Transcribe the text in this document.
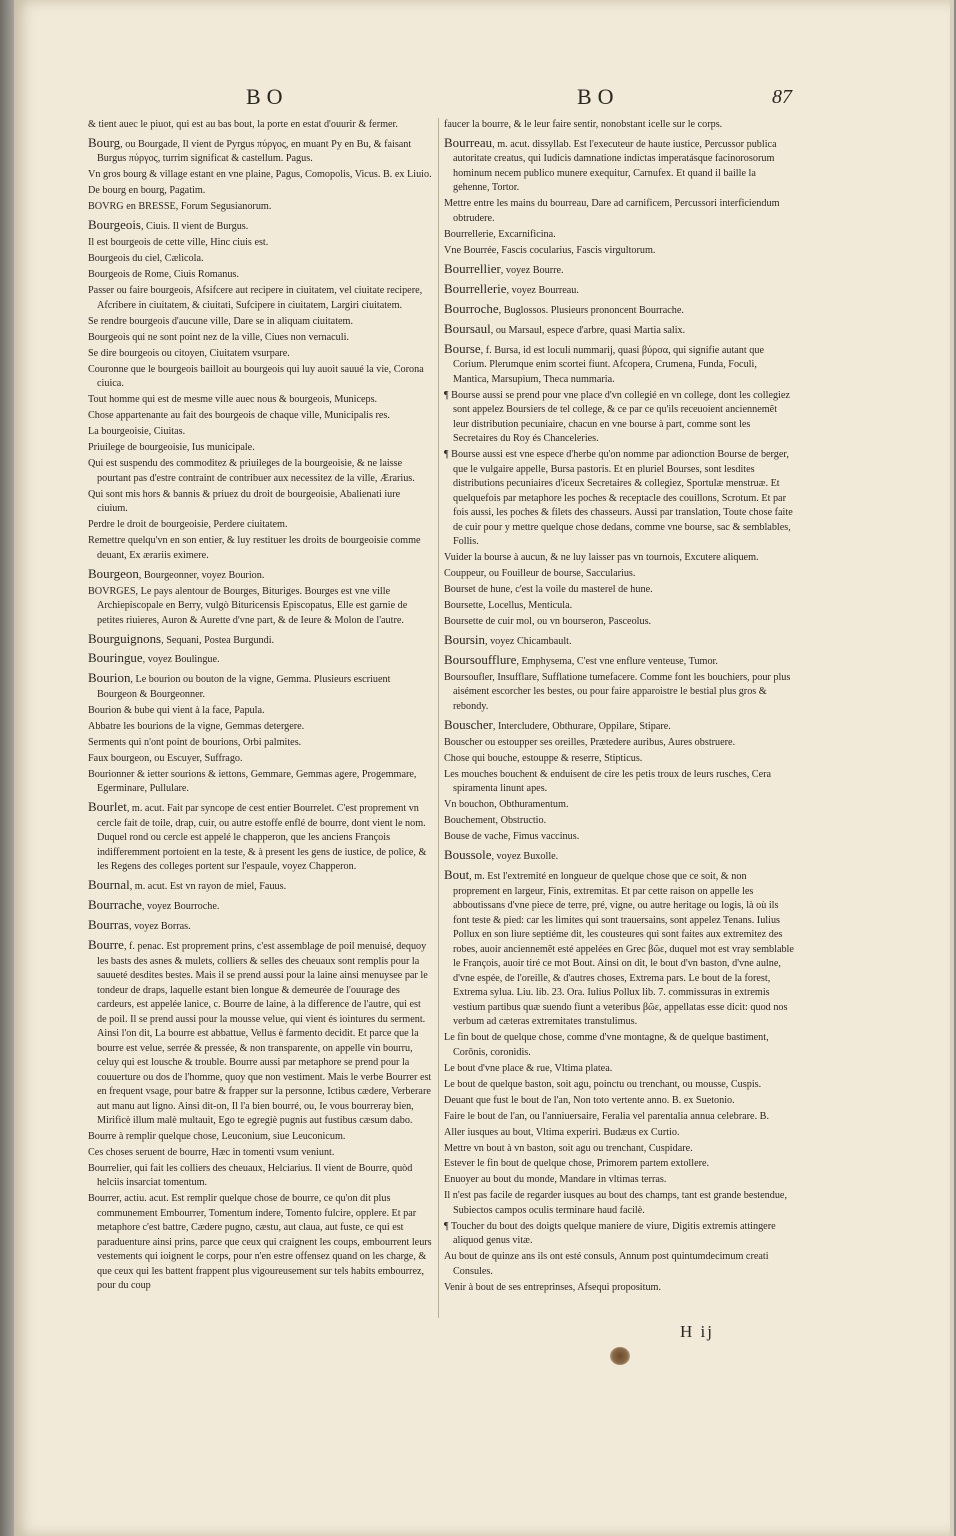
BO	BO	87
& tient auec le piuot, qui est au bas bout, la porte en estat d'ouurir & fermer.
Bourg, ou Bourgade, Il vient de Pyrgus πύργος, en muant Py en Bu, & faisant Burgus πύργος, turrim significat & castellum. Pagus.
Vn gros bourg & village estant en vne plaine, Pagus, Comopolis, Vicus. B. ex Liuio.
De bourg en bourg, Pagatim.
BOVRG en BRESSE, Forum Segusianorum.
Bourgeois, Ciuis. Il vient de Burgus.
Il est bourgeois de cette ville, Hinc ciuis est.
Bourgeois du ciel, Cælicola.
Bourgeois de Rome, Ciuis Romanus.
Passer ou faire bourgeois, Afsifcere aut recipere in ciuitatem, vel ciuitate recipere, Afcribere in ciuitatem, & ciuitati, Sufcipere in ciuitatem, Largiri ciuitatem.
Se rendre bourgeois d'aucune ville, Dare se in aliquam ciuitatem.
Bourgeois qui ne sont point nez de la ville, Ciues non vernaculi.
Se dire bourgeois ou citoyen, Ciuitatem vsurpare.
Couronne que le bourgeois bailloit au bourgeois qui luy auoit sauué la vie, Corona ciuica.
Tout homme qui est de mesme ville auec nous & bourgeois, Municeps.
Chose appartenante au fait des bourgeois de chaque ville, Municipalis res.
La bourgeoisie, Ciuitas.
Priuilege de bourgeoisie, Ius municipale.
Qui est suspendu des commoditez & priuileges de la bourgeoisie, & ne laisse pourtant pas d'estre contraint de contribuer aux necessitez de la ville, Ærarius.
Qui sont mis hors & bannis & priuez du droit de bourgeoisie, Abalienati iure ciuium.
Perdre le droit de bourgeoisie, Perdere ciuitatem.
Remettre quelqu'vn en son entier, & luy restituer les droits de bourgeoisie comme deuant, Ex ærariis eximere.
Bourgeon, Bourgeonner, voyez Bourion.
BOVRGES, Le pays alentour de Bourges, Bituriges. Bourges est vne ville Archiepiscopale en Berry, vulgò Bituricensis Episcopatus, Elle est garnie de petites riuieres, Auron & Aurette d'vne part, & de Ieure & Molon de l'autre.
Bourguignons, Sequani, Postea Burgundi.
Bouringue, voyez Boulingue.
Bourion, Le bourion ou bouton de la vigne, Gemma. Plusieurs escriuent Bourgeon & Bourgeonner.
Bourion & bube qui vient à la face, Papula.
Abbatre les bourions de la vigne, Gemmas detergere.
Serments qui n'ont point de bourions, Orbi palmites.
Faux bourgeon, ou Escuyer, Suffrago.
Bourionner & ietter sourions & iettons, Gemmare, Gemmas agere, Progemmare, Egerminare, Pullulare.
Bourlet, m. acut. Fait par syncope de cest entier Bourrelet. C'est proprement vn cercle fait de toile, drap, cuir, ou autre estoffe enflé de bourre, dont vient le nom. Duquel rond ou cercle est appelé le chapperon, que les anciens François indifferemment portoient en la teste, & à present les gens de iustice, de police, & les Regens des colleges portent sur l'espaule, voyez Chapperon.
Bournal, m. acut. Est vn rayon de miel, Fauus.
Bourrache, voyez Bourroche.
Bourras, voyez Borras.
Bourre, f. penac. Est proprement prins, c'est assemblage de poil menuisé, dequoy les basts des asnes & mulets, colliers & selles des cheuaux sont remplis pour la sauueté desdites bestes. Mais il se prend aussi pour la laine ainsi menuysee par le tondeur de draps, laquelle estant bien longue & demeurée de l'ouurage des cardeurs, est appelée lanice, c. Bourre de laine, à la difference de l'autre, qui est de poil. Il se prend aussi pour la mousse velue, qui vient és iointures du serment. Ainsi l'on dit, La bourre est abbattue, Vellus è farmento decidit. Et parce que la bourre est velue, serrée & pressée, & non transparente, on appelle vin bourru, celuy qui est lousche & trouble. Bourre aussi par metaphore se prend pour la couuerture ou dos de l'homme, quoy que non vestiment. Mais le verbe Bourrer est en frequent vsage, pour batre & frapper sur la personne, Ictibus cædere, Verberare aut manu aut ligno. Ainsi dit-on, Il l'a bien bourré, ou, Ie vous bourreray bien, Mirificè illum malè multauit, Ego te egregiè pugnis aut fustibus cæsum dabo.
Bourre à remplir quelque chose, Leuconium, siue Leuconicum.
Ces choses seruent de bourre, Hæc in tomenti vsum veniunt.
Bourrelier, qui fait les colliers des cheuaux, Helciarius. Il vient de Bourre, quòd helciis insarciat tomentum.
Bourrer, actiu. acut. Est remplir quelque chose de bourre, ce qu'on dit plus communement Embourrer, Tomentum indere, Tomento fulcire, opplere. Et par metaphore c'est battre, Cædere pugno, cæstu, aut claua, aut fuste, ce qui est paraduenture ainsi prins, parce que ceux qui craignent les coups, embourrent leurs vestements qui ioignent le corps, pour n'en estre offensez quand on les charge, & que ceux qui les battent frappent plus vigoureusement sur tels habits embourrez, pour du coup
faucer la bourre, & le leur faire sentir, nonobstant icelle sur le corps.
Bourreau, m. acut. dissyllab. Est l'executeur de haute iustice, Percussor publica autoritate creatus, qui Iudicis damnatione indictas imperatásque facinorosorum hominum necem publico munere exequitur, Carnufex. Et quand il baille la gehenne, Tortor.
Mettre entre les mains du bourreau, Dare ad carnificem, Percussori interficiendum obtrudere.
Bourrellerie, Excarnificina.
Vne Bourrée, Fascis cocularius, Fascis virgultorum.
Bourrellier, voyez Bourre.
Bourrellerie, voyez Bourreau.
Bourroche, Buglossos. Plusieurs prononcent Bourrache.
Boursaul, ou Marsaul, espece d'arbre, quasi Martia salix.
Bourse, f. Bursa, id est loculi nummarij, quasi βύρσα, qui signifie autant que Corium. Plerumque enim scortei fiunt. Afcopera, Crumena, Funda, Foculi, Mantica, Marsupium, Theca nummaria.
¶ Bourse aussi se prend pour vne place d'vn collegié en vn college, dont les collegiez sont appelez Boursiers de tel college, & ce par ce qu'ils receuoient anciennemẽt leur distribution pecuniaire, chacun en vne bourse à part, comme sont les Secretaires du Roy és Chanceleries.
¶ Bourse aussi est vne espece d'herbe qu'on nomme par adionction Bourse de berger, que le vulgaire appelle, Bursa pastoris. Et en pluriel Bourses, sont lesdites distributions pecuniaires d'iceux Secretaires & collegiez, Sportulæ menstruæ. Et quelquefois par metaphore les poches & receptacle des couillons, Scrotum. Et par fois aussi, les poches & filets des chasseurs. Aussi par translation, Toute chose faite de cuir pour y mettre quelque chose dedans, comme vne bourse, sac & semblables, Follis.
Vuider la bourse à aucun, & ne luy laisser pas vn tournois, Excutere aliquem.
Couppeur, ou Fouilleur de bourse, Saccularius.
Bourset de hune, c'est la voile du masterel de hune.
Boursette, Locellus, Menticula.
Boursette de cuir mol, ou vn bourseron, Pasceolus.
Boursin, voyez Chicambault.
Boursoufflure, Emphysema, C'est vne enflure venteuse, Tumor.
Boursoufler, Insufflare, Sufflatione tumefacere. Comme font les bouchiers, pour plus aisément escorcher les bestes, ou pour faire apparoistre le bestial plus gros & rebondy.
Bouscher, Intercludere, Obthurare, Oppilare, Stipare.
Bouscher ou estoupper ses oreilles, Prætedere auribus, Aures obstruere.
Chose qui bouche, estouppe & reserre, Stipticus.
Les mouches bouchent & enduisent de cire les petis troux de leurs rusches, Cera spiramenta linunt apes.
Vn bouchon, Obthuramentum.
Bouchement, Obstructio.
Bouse de vache, Fimus vaccinus.
Boussole, voyez Buxolle.
Bout, m. Est l'extremité en longueur de quelque chose que ce soit, & non proprement en largeur, Finis, extremitas. Et par cette raison on appelle les abboutissans d'vne piece de terre, pré, vigne, ou autre heritage ou logis, là où ils font teste & pied: car les limites qui sont trauersains, sont appelez Tenans. Iulius Pollux en son liure septiéme dit, les cousteures qui sont faites aux extremitez des robes, auoir anciennemẽt esté appelées en Grec βῶε, duquel mot est vray semblable le François, auoir tiré ce mot Bout. Ainsi on dit, le bout d'vn baston, d'vne aulne, d'vne espée, de l'oreille, & d'autres choses, Extrema pars. Le bout de la forest, Extrema sylua. Liu. lib. 23. Ora. Iulius Pollux lib. 7. commissuras in extremis vestium partibus quæ suendo fiunt a veteribus βῶε, appellatas esse dicit: quod nos verbum ad cæteras extremitates transtulimus.
Le fin bout de quelque chose, comme d'vne montagne, & de quelque bastiment, Corōnis, coronidis.
Le bout d'vne place & rue, Vltima platea.
Le bout de quelque baston, soit agu, poinctu ou trenchant, ou mousse, Cuspis.
Deuant que fust le bout de l'an, Non toto vertente anno. B. ex Suetonio.
Faire le bout de l'an, ou l'anniuersaire, Feralia vel parentalia annua celebrare. B.
Aller iusques au bout, Vltima experiri. Budæus ex Curtio.
Mettre vn bout à vn baston, soit agu ou trenchant, Cuspidare.
Estever le fin bout de quelque chose, Primorem partem extollere.
Enuoyer au bout du monde, Mandare in vltimas terras.
Il n'est pas facile de regarder iusques au bout des champs, tant est grande bestendue, Subiectos campos oculis terminare haud facilè.
¶ Toucher du bout des doigts quelque maniere de viure, Digitis extremis attingere aliquod genus vitæ.
Au bout de quinze ans ils ont esté consuls, Annum post quintumdecimum creati Consules.
Venir à bout de ses entreprinses, Afsequi propositum.
H ij
